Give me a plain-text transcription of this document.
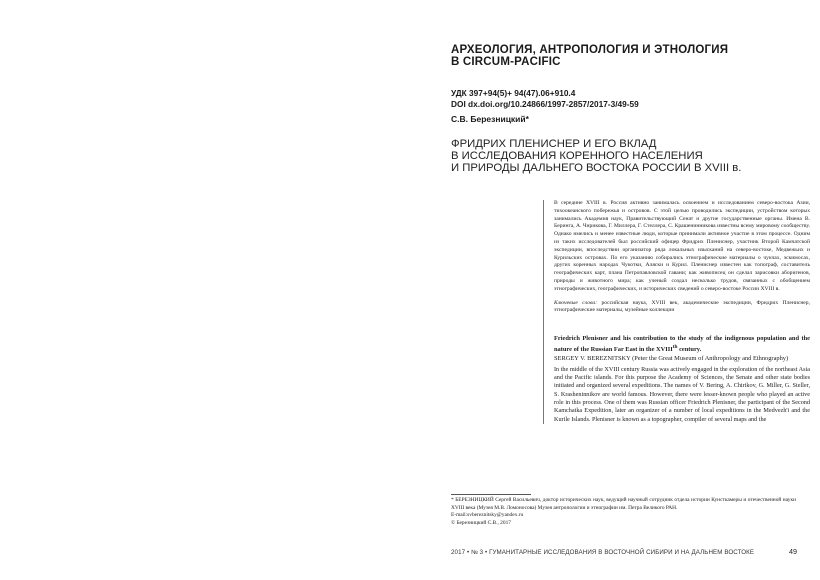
АРХЕОЛОГИЯ, АНТРОПОЛОГИЯ И ЭТНОЛОГИЯ
В CIRCUM-PACIFIC
УДК 397+94(5)+ 94(47).06+910.4
DOI dx.doi.org/10.24866/1997-2857/2017-3/49-59
С.В. Березницкий*
ФРИДРИХ ПЛЕНИСНЕР И ЕГО ВКЛАД
В ИССЛЕДОВАНИЯ КОРЕННОГО НАСЕЛЕНИЯ
И ПРИРОДЫ ДАЛЬНЕГО ВОСТОКА РОССИИ В XVIII в.

В середине XVIII в. Россия активно занималась освоением и исследованием северо-востока Азии, тихоокеанского побережья и островов. С этой целью проводились экспедиции, устройством которых занимались Академия наук, Правительствующий Сенат и другие государственные органы. Имена В. Беринга, А. Чирикова, Г. Миллера, Г. Стеллера, С. Крашенинникова известны всему мировому сообществу. Однако имелись и менее известные люди, которые принимали активное участие в этом процессе. Одним из таких исследователей был российский офицер Фридрих Плениснер, участник Второй Камчатской экспедиции, впоследствии организатор ряда локальных изысканий на северо-востоке, Медвежьих и Курильских островах. По его указанию собирались этнографические материалы о чукчах, эскимосах, других коренных народах Чукотки, Аляски и Курил. Плениснер известен как топограф, составитель географических карт, плана Петропавловской гавани; как живописец он сделал зарисовки аборигенов, природы и животного мира; как ученый создал несколько трудов, связанных с обобщением этнографических, географических, и исторических сведений о северо-востоке России XVIII в.

Ключевые слова: российская наука, XVIII век, академические экспедиции, Фридрих Плениснер, этнографические материалы, музейные коллекции

Friedrich Plenisner and his contribution to the study of the indigenous population and the nature of the Russian Far East in the XVIIIth century.

SERGEY V. BEREZNITSKY (Peter the Great Museum of Anthropology and Ethnography)

In the middle of the XVIII century Russia was actively engaged in the exploration of the northeast Asia and the Pacific islands. For this purpose the Academy of Sciences, the Senate and other state bodies initiated and organized several expeditions. The names of V. Bering, A. Chirikov, G. Miller, G. Steller, S. Krasheninnikov are world famous. However, there were lesser-known people who played an active role in this process. One of them was Russian officer Friedrich Plenisner, the participant of the Second Kamchatka Expedition, later an organizer of a number of local expeditions in the Medvezh'i and the Kurile Islands. Plenisner is known as a topographer, compiler of several maps and the

* БЕРЕЗНИЦКИЙ Сергей Васильевич, доктор исторических наук, ведущий научный сотрудник отдела истории Кунсткамеры и отечественной науки XVIII века (Музея М.В. Ломоносова) Музея антропологии и этнографии им. Петра Великого РАН.

E-mail:svbereznitsky@yandex.ru

© Березницкий С.В., 2017

2017 • № 3 • ГУМАНИТАРНЫЕ ИССЛЕДОВАНИЯ В ВОСТОЧНОЙ СИБИРИ И НА ДАЛЬНЕМ ВОСТОКЕ	49
